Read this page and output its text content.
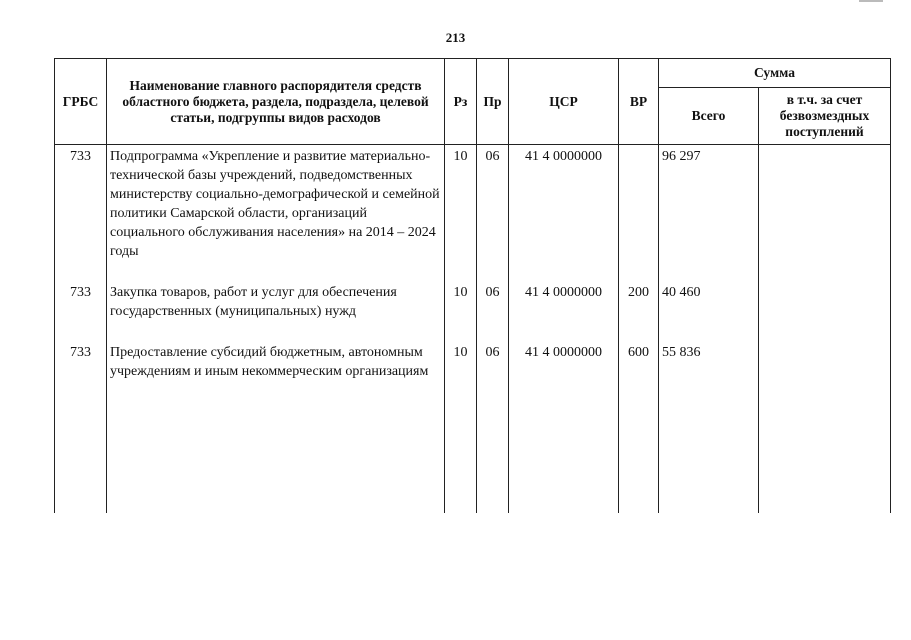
213
ГРБС	Наименование главного распорядителя средств областного бюджета, раздела, подраздела, целевой статьи, подгруппы видов расходов	Рз	Пр	ЦСР	ВР	Сумма	
						Всего	в т.ч. за счет безвозмездных поступлений
733	Подпрограмма «Укрепление и развитие материально-технической базы учреждений, подведомственных министерству социально-демографической и семейной политики Самарской области, организаций социального обслуживания населения» на 2014 – 2024 годы	10	06	41 4 0000000		96 297	

733	Закупка товаров, работ и услуг для обеспечения государственных (муниципальных) нужд	10	06	41 4 0000000	200	40 460	

733	Предоставление субсидий бюджетным, автономным учреждениям и иным некоммерческим организациям	10	06	41 4 0000000	600	55 836	
